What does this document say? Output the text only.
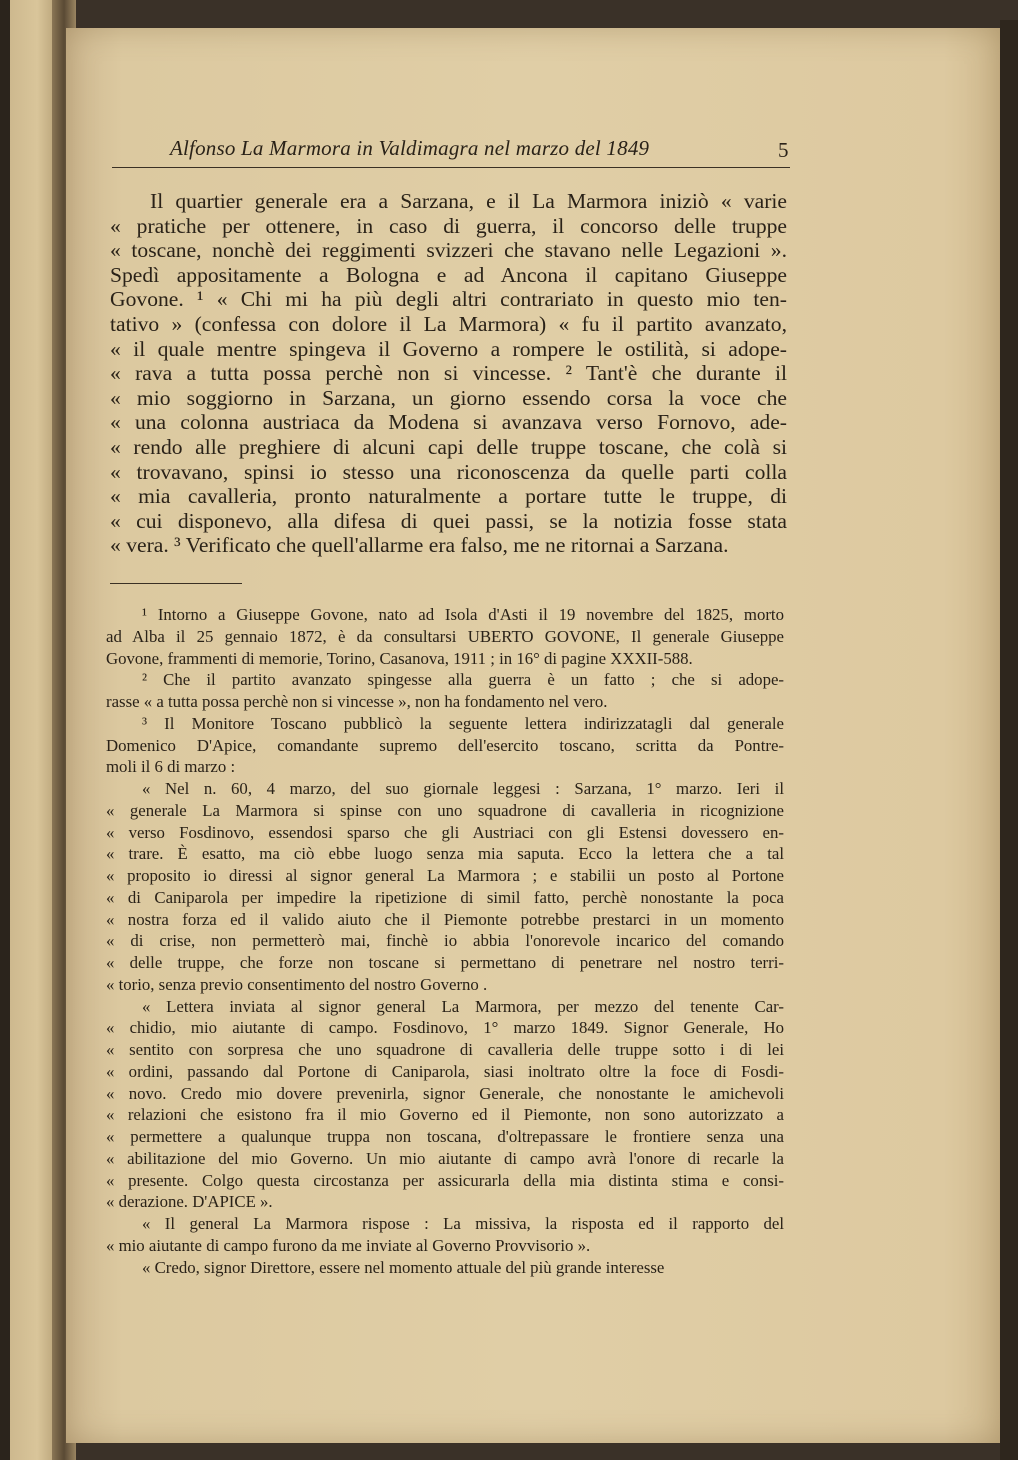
Alfonso La Marmora in Valdimagra nel marzo del 1849	5
Il quartier generale era a Sarzana, e il La Marmora iniziò « varie
« pratiche per ottenere, in caso di guerra, il concorso delle truppe
« toscane, nonchè dei reggimenti svizzeri che stavano nelle Legazioni ».
Spedì appositamente a Bologna e ad Ancona il capitano Giuseppe
Govone. ¹ « Chi mi ha più degli altri contrariato in questo mio ten-
tativo » (confessa con dolore il La Marmora) « fu il partito avanzato,
« il quale mentre spingeva il Governo a rompere le ostilità, si adope-
« rava a tutta possa perchè non si vincesse. ² Tant'è che durante il
« mio soggiorno in Sarzana, un giorno essendo corsa la voce che
« una colonna austriaca da Modena si avanzava verso Fornovo, ade-
« rendo alle preghiere di alcuni capi delle truppe toscane, che colà si
« trovavano, spinsi io stesso una riconoscenza da quelle parti colla
« mia cavalleria, pronto naturalmente a portare tutte le truppe, di
« cui disponevo, alla difesa di quei passi, se la notizia fosse stata
« vera. ³ Verificato che quell'allarme era falso, me ne ritornai a Sarzana.
¹ Intorno a Giuseppe Govone, nato ad Isola d'Asti il 19 novembre del 1825, morto
ad Alba il 25 gennaio 1872, è da consultarsi UBERTO GOVONE, Il generale Giuseppe
Govone, frammenti di memorie, Torino, Casanova, 1911 ; in 16° di pagine XXXII-588.
² Che il partito avanzato spingesse alla guerra è un fatto ; che si adope-
rasse « a tutta possa perchè non si vincesse », non ha fondamento nel vero.
³ Il Monitore Toscano pubblicò la seguente lettera indirizzatagli dal generale
Domenico D'Apice, comandante supremo dell'esercito toscano, scritta da Pontre-
moli il 6 di marzo :
« Nel n. 60, 4 marzo, del suo giornale leggesi : Sarzana, 1° marzo. Ieri il
« generale La Marmora si spinse con uno squadrone di cavalleria in ricognizione
« verso Fosdinovo, essendosi sparso che gli Austriaci con gli Estensi dovessero en-
« trare. È esatto, ma ciò ebbe luogo senza mia saputa. Ecco la lettera che a tal
« proposito io diressi al signor general La Marmora ; e stabilii un posto al Portone
« di Caniparola per impedire la ripetizione di simil fatto, perchè nonostante la poca
« nostra forza ed il valido aiuto che il Piemonte potrebbe prestarci in un momento
« di crise, non permetterò mai, finchè io abbia l'onorevole incarico del comando
« delle truppe, che forze non toscane si permettano di penetrare nel nostro terri-
« torio, senza previo consentimento del nostro Governo .
« Lettera inviata al signor general La Marmora, per mezzo del tenente Car-
« chidio, mio aiutante di campo. Fosdinovo, 1° marzo 1849. Signor Generale, Ho
« sentito con sorpresa che uno squadrone di cavalleria delle truppe sotto i di lei
« ordini, passando dal Portone di Caniparola, siasi inoltrato oltre la foce di Fosdi-
« novo. Credo mio dovere prevenirla, signor Generale, che nonostante le amichevoli
« relazioni che esistono fra il mio Governo ed il Piemonte, non sono autorizzato a
« permettere a qualunque truppa non toscana, d'oltrepassare le frontiere senza una
« abilitazione del mio Governo. Un mio aiutante di campo avrà l'onore di recarle la
« presente. Colgo questa circostanza per assicurarla della mia distinta stima e consi-
« derazione. D'APICE ».
« Il general La Marmora rispose : La missiva, la risposta ed il rapporto del
« mio aiutante di campo furono da me inviate al Governo Provvisorio ».
« Credo, signor Direttore, essere nel momento attuale del più grande interesse
